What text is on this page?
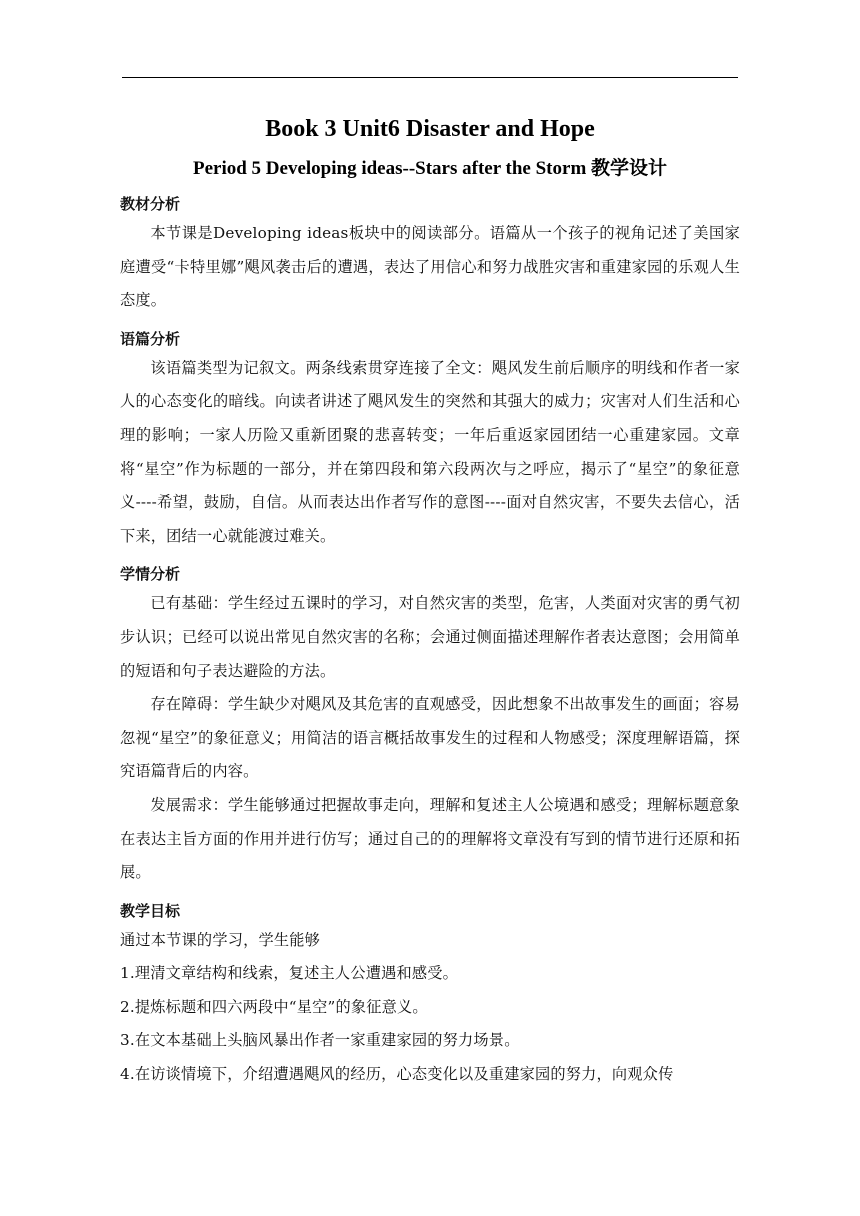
Book 3 Unit6 Disaster and Hope
Period 5 Developing ideas--Stars after the Storm 教学设计
教材分析

本节课是Developing ideas板块中的阅读部分。语篇从一个孩子的视角记述了美国家庭遭受“卡特里娜”飓风袭击后的遭遇，表达了用信心和努力战胜灾害和重建家园的乐观人生态度。

语篇分析

该语篇类型为记叙文。两条线索贯穿连接了全文：飓风发生前后顺序的明线和作者一家人的心态变化的暗线。向读者讲述了飓风发生的突然和其强大的威力；灾害对人们生活和心理的影响；一家人历险又重新团聚的悲喜转变；一年后重返家园团结一心重建家园。文章将“星空”作为标题的一部分，并在第四段和第六段两次与之呼应，揭示了“星空”的象征意义----希望，鼓励，自信。从而表达出作者写作的意图----面对自然灾害，不要失去信心，活下来，团结一心就能渡过难关。

学情分析

已有基础：学生经过五课时的学习，对自然灾害的类型，危害，人类面对灾害的勇气初步认识；已经可以说出常见自然灾害的名称；会通过侧面描述理解作者表达意图；会用简单的短语和句子表达避险的方法。

存在障碍：学生缺少对飓风及其危害的直观感受，因此想象不出故事发生的画面；容易忽视“星空”的象征意义；用简洁的语言概括故事发生的过程和人物感受；深度理解语篇，探究语篇背后的内容。

发展需求：学生能够通过把握故事走向，理解和复述主人公境遇和感受；理解标题意象在表达主旨方面的作用并进行仿写；通过自己的的理解将文章没有写到的情节进行还原和拓展。

教学目标

通过本节课的学习，学生能够

1.理清文章结构和线索，复述主人公遭遇和感受。

2.提炼标题和四六两段中“星空”的象征意义。

3.在文本基础上头脑风暴出作者一家重建家园的努力场景。

4.在访谈情境下，介绍遭遇飓风的经历，心态变化以及重建家园的努力，向观众传
